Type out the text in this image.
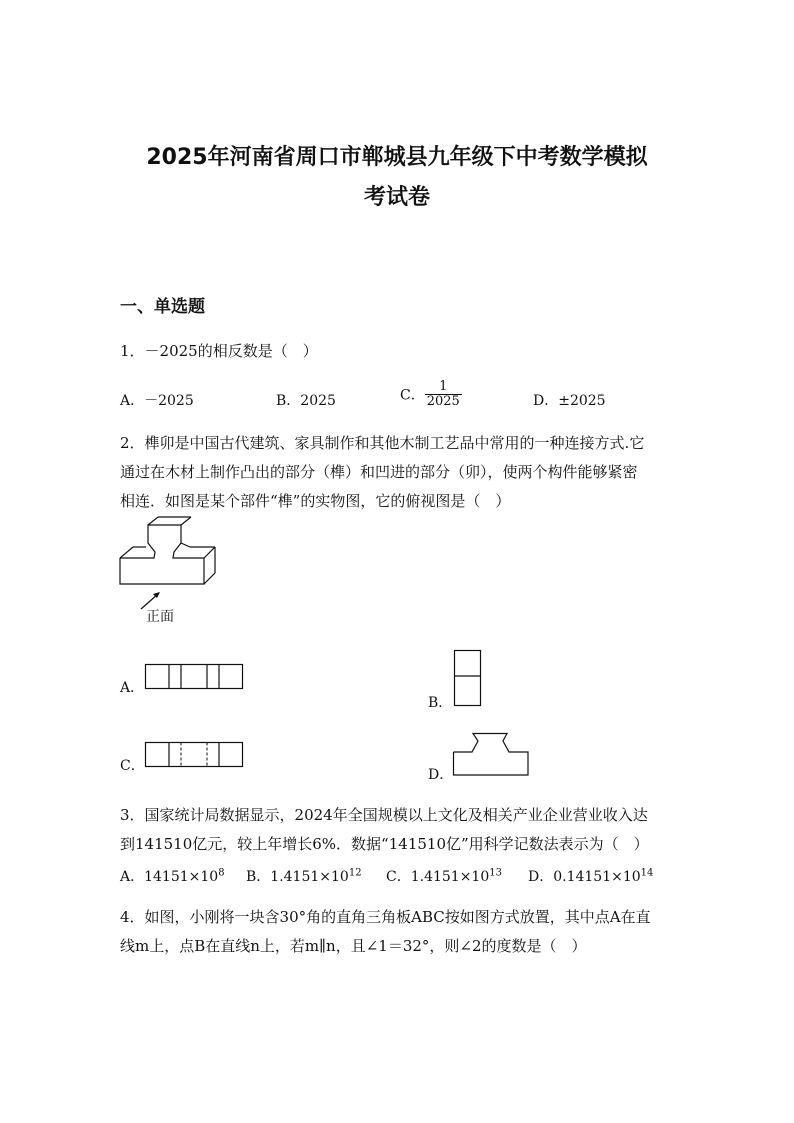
2025年河南省周口市郸城县九年级下中考数学模拟
考试卷
一、单选题
1．－2025的相反数是（　）
A．－2025	B．2025	C． $\frac{1}{2025}$	D．±2025
2．榫卯是中国古代建筑、家具制作和其他木制工艺品中常用的一种连接方式.它
通过在木材上制作凸出的部分（榫）和凹进的部分（卯），使两个构件能够紧密
相连．如图是某个部件“榫”的实物图，它的俯视图是（　）
正面
A．
B．
C．
D．
3．国家统计局数据显示，2024年全国规模以上文化及相关产业企业营业收入达
到141510亿元，较上年增长6%．数据“141510亿”用科学记数法表示为（　）
A．$14151\times 10^8$ B．$1.4151\times 10^{12}$ C．$1.4151\times 10^{13}$ D．$0.14151\times 10^{14}$
4．如图，小刚将一块含30°角的直角三角板ABC按如图方式放置，其中点A在直
线m上，点B在直线n上，若m∥n，且∠1＝32°，则∠2的度数是（　）
